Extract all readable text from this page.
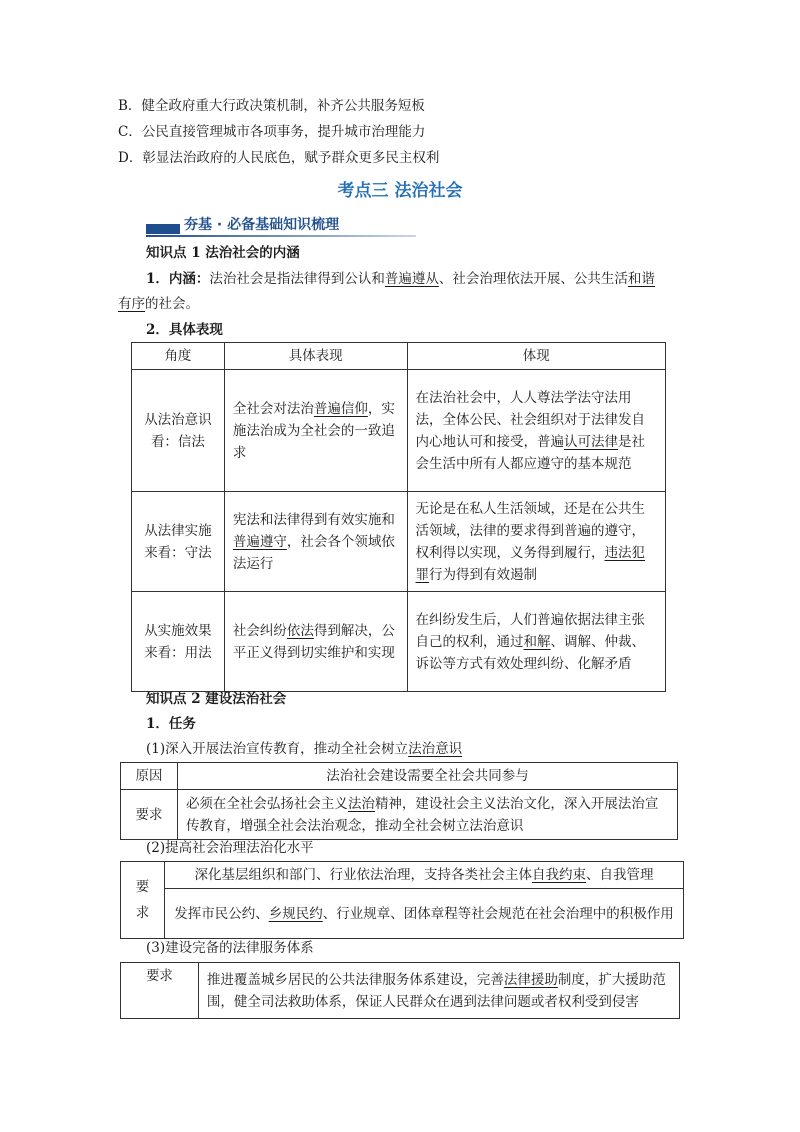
B．健全政府重大行政决策机制，补齐公共服务短板
C．公民直接管理城市各项事务，提升城市治理能力
D．彰显法治政府的人民底色，赋予群众更多民主权利
考点三 法治社会
夯基 · 必备基础知识梳理
知识点 1 法治社会的内涵
1．内涵：法治社会是指法律得到公认和普遍遵从、社会治理依法开展、公共生活和谐
有序的社会。
2．具体表现
角度	具体表现	体现
从法治意识看：信法	全社会对法治普遍信仰，实施法治成为全社会的一致追求	在法治社会中，人人尊法学法守法用法，全体公民、社会组织对于法律发自内心地认可和接受，普遍认可法律是社会生活中所有人都应遵守的基本规范
从法律实施来看：守法	宪法和法律得到有效实施和普遍遵守，社会各个领域依法运行	无论是在私人生活领域，还是在公共生活领域，法律的要求得到普遍的遵守，权利得以实现，义务得到履行，违法犯罪行为得到有效遏制
从实施效果来看：用法	社会纠纷依法得到解决，公平正义得到切实维护和实现	在纠纷发生后，人们普遍依据法律主张自己的权利，通过和解、调解、仲裁、诉讼等方式有效处理纠纷、化解矛盾
知识点 2 建设法治社会
1．任务
(1)深入开展法治宣传教育，推动全社会树立法治意识
原因	法治社会建设需要全社会共同参与
要求	必须在全社会弘扬社会主义法治精神，建设社会主义法治文化，深入开展法治宣传教育，增强全社会法治观念，推动全社会树立法治意识
(2)提高社会治理法治化水平
要求	深化基层组织和部门、行业依法治理，支持各类社会主体自我约束、自我管理
发挥市民公约、乡规民约、行业规章、团体章程等社会规范在社会治理中的积极作用
(3)建设完备的法律服务体系
要求	推进覆盖城乡居民的公共法律服务体系建设，完善法律援助制度，扩大援助范围，健全司法救助体系，保证人民群众在遇到法律问题或者权利受到侵害
